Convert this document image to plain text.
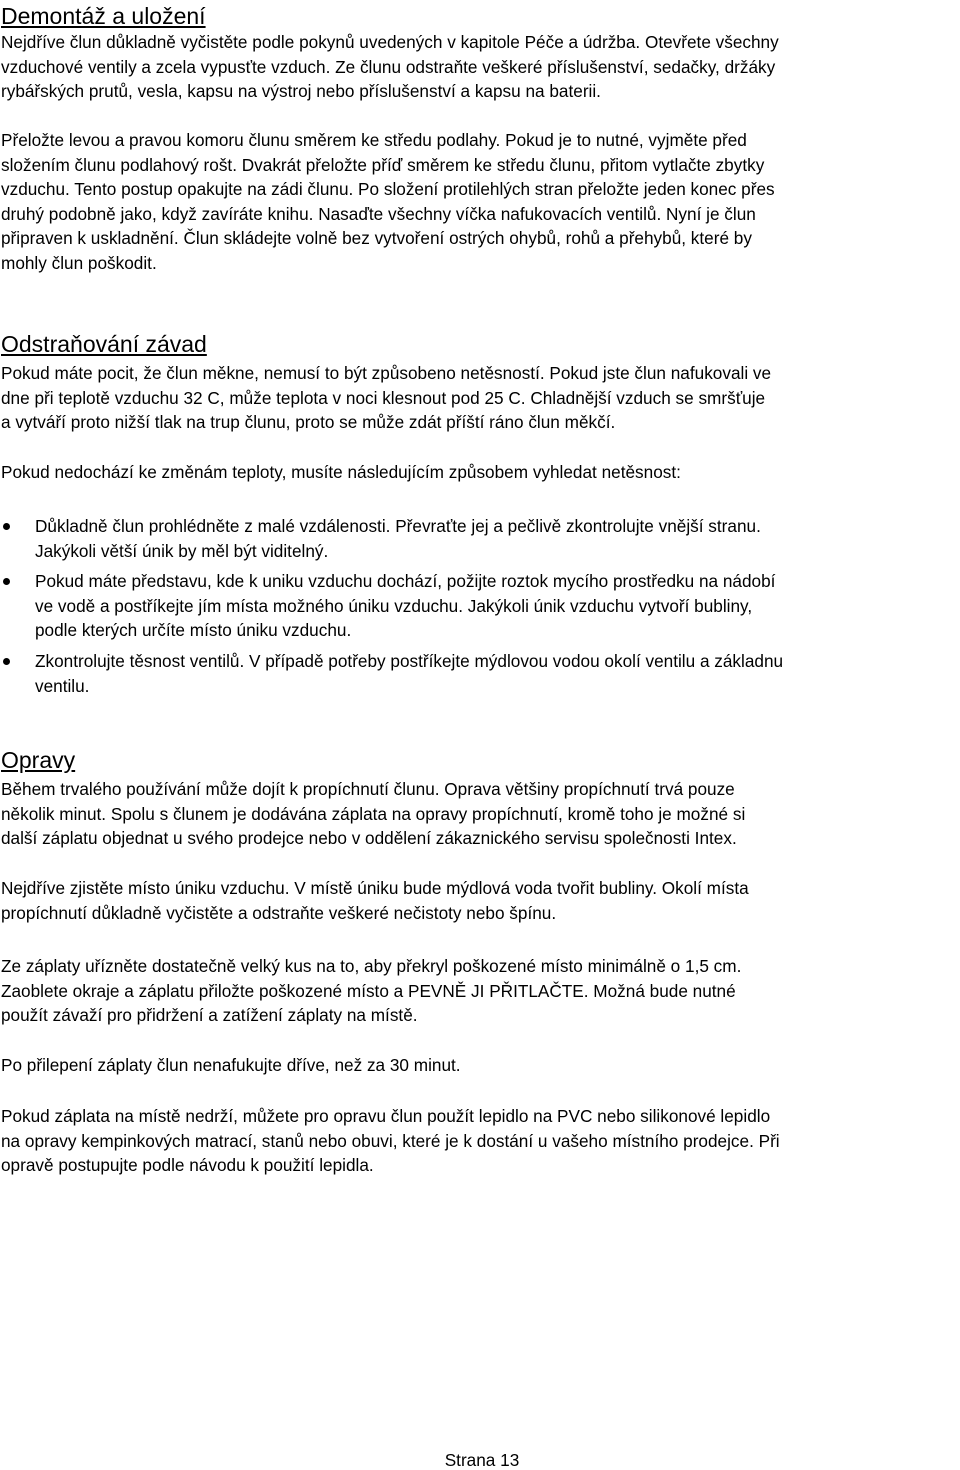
Demontáž a uložení

Nejdříve člun důkladně vyčistěte podle pokynů uvedených v kapitole Péče a údržba. Otevřete všechny
vzduchové ventily a zcela vypusťte vzduch. Ze člunu odstraňte veškeré příslušenství, sedačky, držáky
rybářských prutů, vesla, kapsu na výstroj nebo příslušenství a kapsu na baterii.

Přeložte levou a pravou komoru člunu směrem ke středu podlahy. Pokud je to nutné, vyjměte před
složením člunu podlahový rošt. Dvakrát přeložte příď směrem ke středu člunu, přitom vytlačte zbytky
vzduchu. Tento postup opakujte na zádi člunu. Po složení protilehlých stran přeložte jeden konec přes
druhý podobně jako, když zavíráte knihu. Nasaďte všechny víčka nafukovacích ventilů. Nyní je člun
připraven k uskladnění. Člun skládejte volně bez vytvoření ostrých ohybů, rohů a přehybů, které by
mohly člun poškodit.

Odstraňování závad

Pokud máte pocit, že člun měkne, nemusí to být způsobeno netěsností. Pokud jste člun nafukovali ve
dne při teplotě vzduchu 32 C, může teplota v noci klesnout pod 25 C. Chladnější vzduch se smršťuje
a vytváří proto nižší tlak na trup člunu, proto se může zdát příští ráno člun měkčí.

Pokud nedochází ke změnám teploty, musíte následujícím způsobem vyhledat netěsnost:

Důkladně člun prohlédněte z malé vzdálenosti. Převraťte jej a pečlivě zkontrolujte vnější stranu.
Jakýkoli větší únik by měl být viditelný.
Pokud máte představu, kde k uniku vzduchu dochází, požijte roztok mycího prostředku na nádobí
ve vodě a postříkejte jím místa možného úniku vzduchu. Jakýkoli únik vzduchu vytvoří bubliny,
podle kterých určíte místo úniku vzduchu.
Zkontrolujte těsnost ventilů. V případě potřeby postříkejte mýdlovou vodou okolí ventilu a základnu
ventilu.
Opravy

Během trvalého používání může dojít k propíchnutí člunu. Oprava většiny propíchnutí trvá pouze
několik minut. Spolu s člunem je dodávána záplata na opravy propíchnutí, kromě toho je možné si
další záplatu objednat u svého prodejce nebo v oddělení zákaznického servisu společnosti Intex.

Nejdříve zjistěte místo úniku vzduchu. V místě úniku bude mýdlová voda tvořit bubliny. Okolí místa
propíchnutí důkladně vyčistěte a odstraňte veškeré nečistoty nebo špínu.

Ze záplaty uřízněte dostatečně velký kus na to, aby překryl poškozené místo minimálně o 1,5 cm.
Zaoblete okraje a záplatu přiložte poškozené místo a PEVNĚ JI PŘITLAČTE. Možná bude nutné
použít závaží pro přidržení a zatížení záplaty na místě.

Po přilepení záplaty člun nenafukujte dříve, než za 30 minut.

Pokud záplata na místě nedrží, můžete pro opravu člun použít lepidlo na PVC nebo silikonové lepidlo
na opravy kempinkových matrací, stanů nebo obuvi, které je k dostání u vašeho místního prodejce. Při
opravě postupujte podle návodu k použití lepidla.

Strana 13
